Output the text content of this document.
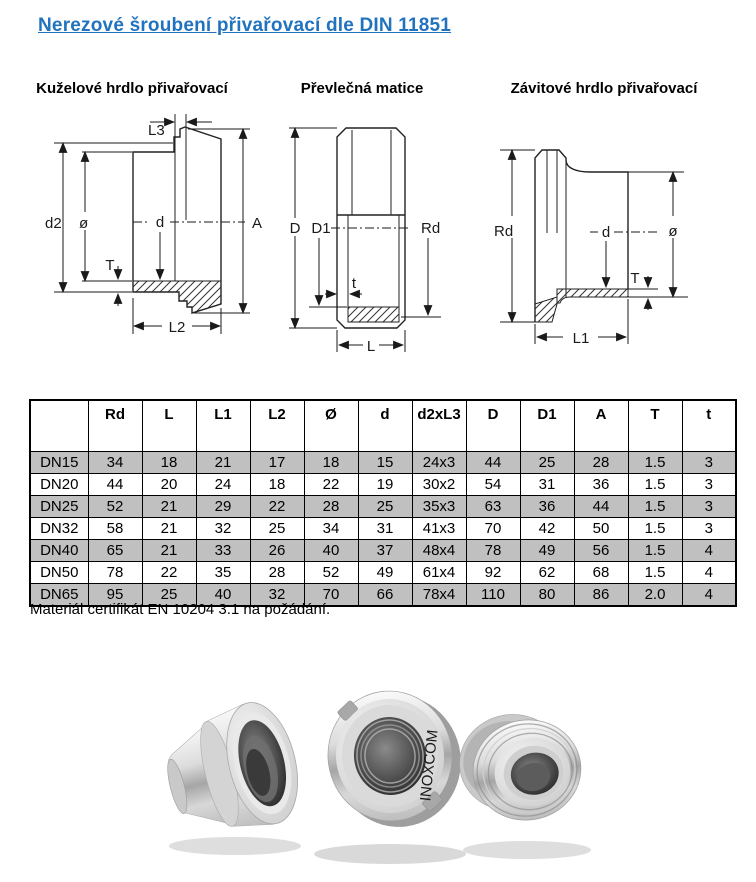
Nerezové šroubení přivařovací dle DIN 11851
Kuželové hrdlo přivařovací	Převlečná matice	Závitové hrdlo přivařovací
L3
d2 ø	d	A
T
L2
D D1	Rd
t
L
Rd	d	ø
T
L1
	Rd	L	L1	L2	Ø	d	d2xL3	D	D1	A	T	t
DN15	34	18	21	17	18	15	24x3	44	25	28	1.5	3
DN20	44	20	24	18	22	19	30x2	54	31	36	1.5	3
DN25	52	21	29	22	28	25	35x3	63	36	44	1.5	3
DN32	58	21	32	25	34	31	41x3	70	42	50	1.5	3
DN40	65	21	33	26	40	37	48x4	78	49	56	1.5	4
DN50	78	22	35	28	52	49	61x4	92	62	68	1.5	4
DN65	95	25	40	32	70	66	78x4	110	80	86	2.0	4
Materiál certifikát EN 10204 3.1 na požádání.
INOXCOM
